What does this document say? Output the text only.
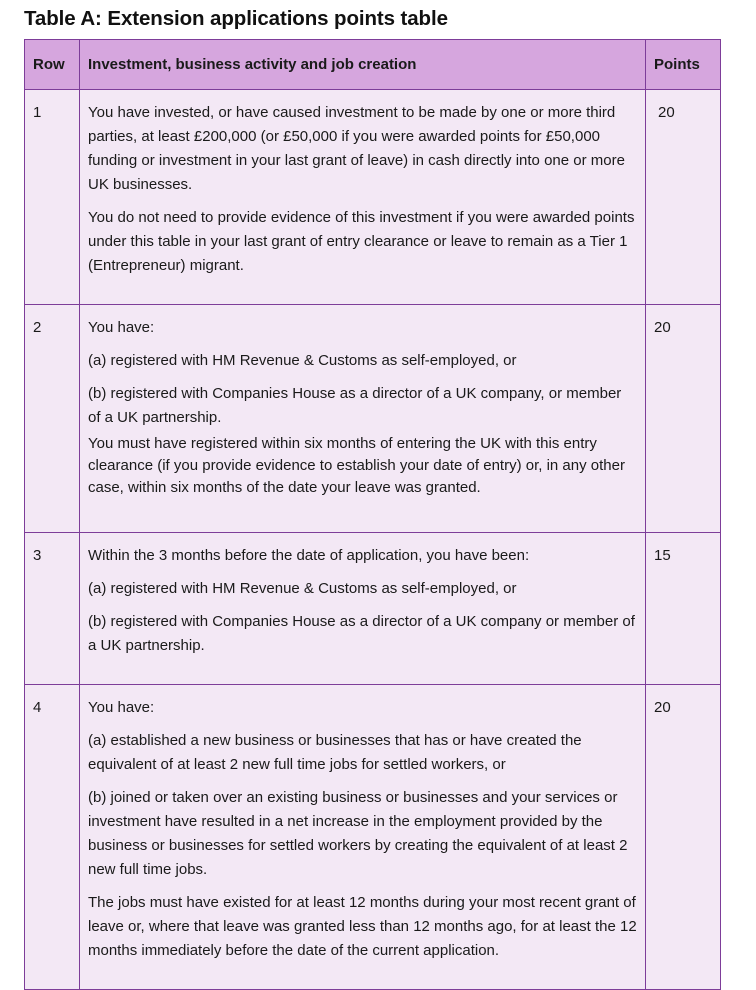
Table A: Extension applications points table
Row	Investment, business activity and job creation	Points
1	You have invested, or have caused investment to be made by one or more third parties, at least £200,000 (or £50,000 if you were awarded points for £50,000 funding or investment in your last grant of leave) in cash directly into one or more UK businesses.

You do not need to provide evidence of this investment if you were awarded points under this table in your last grant of entry clearance or leave to remain as a Tier 1 (Entrepreneur) migrant.	20

2	You have:

(a) registered with HM Revenue & Customs as self-employed, or

(b) registered with Companies House as a director of a UK company, or member of a UK partnership.

You must have registered within six months of entering the UK with this entry clearance (if you provide evidence to establish your date of entry) or, in any other case, within six months of the date your leave was granted.	20
3	Within the 3 months before the date of application, you have been:

(a) registered with HM Revenue & Customs as self-employed, or

(b) registered with Companies House as a director of a UK company or member of a UK partnership.	15
4	You have:

(a) established a new business or businesses that has or have created the equivalent of at least 2 new full time jobs for settled workers, or

(b) joined or taken over an existing business or businesses and your services or investment have resulted in a net increase in the employment provided by the business or businesses for settled workers by creating the equivalent of at least 2 new full time jobs.

The jobs must have existed for at least 12 months during your most recent grant of leave or, where that leave was granted less than 12 months ago, for at least the 12 months immediately before the date of the current application.	20
